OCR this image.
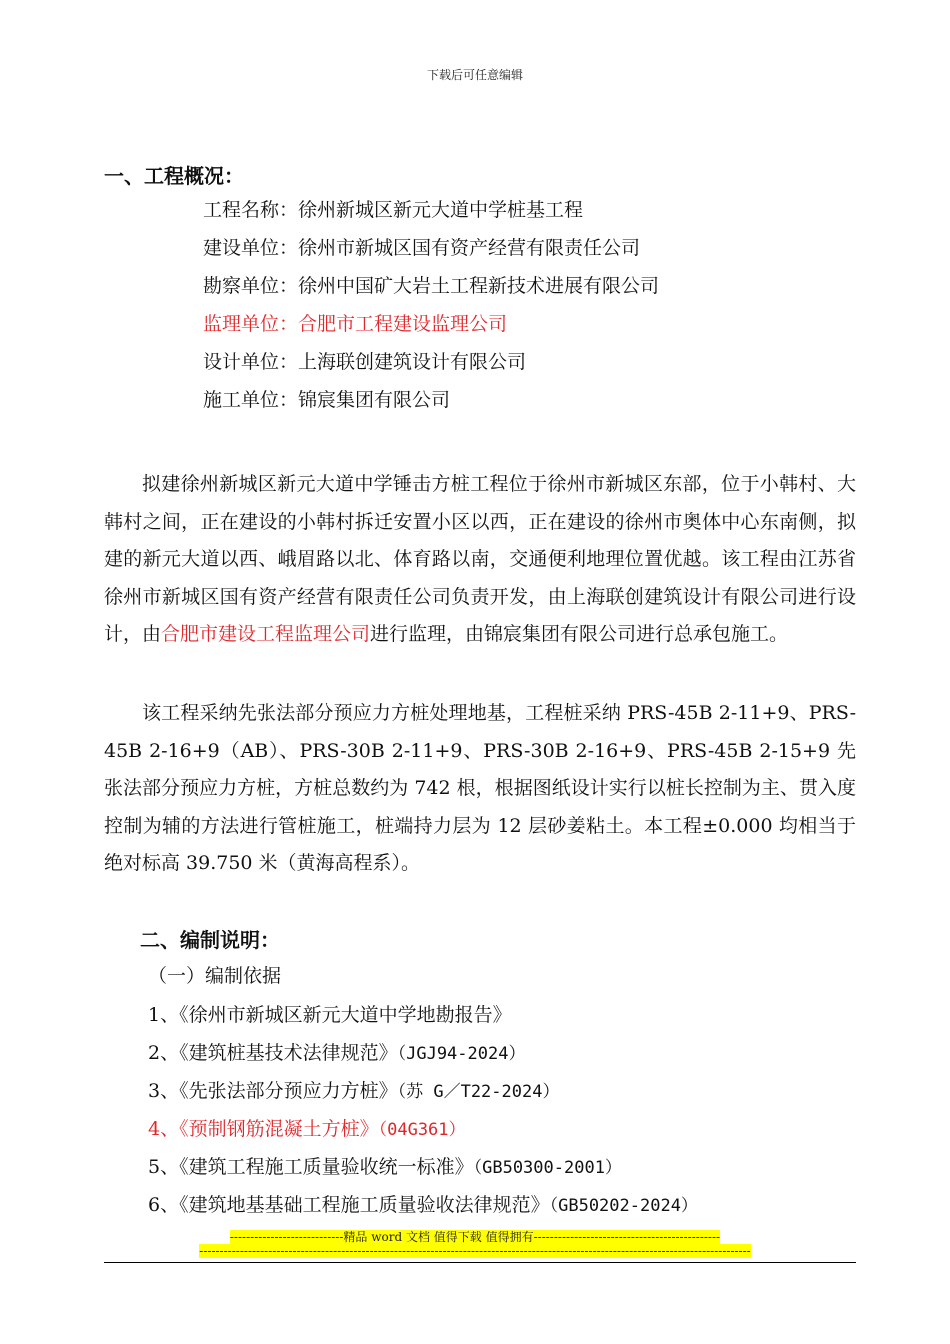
下载后可任意编辑
一、工程概况：
工程名称：徐州新城区新元大道中学桩基工程
建设单位：徐州市新城区国有资产经营有限责任公司
勘察单位：徐州中国矿大岩土工程新技术进展有限公司
监理单位：合肥市工程建设监理公司
设计单位：上海联创建筑设计有限公司
施工单位：锦宸集团有限公司
拟建徐州新城区新元大道中学锤击方桩工程位于徐州市新城区东部，位于小韩村、大韩村之间，正在建设的小韩村拆迁安置小区以西，正在建设的徐州市奥体中心东南侧，拟建的新元大道以西、峨眉路以北、体育路以南，交通便利地理位置优越。该工程由江苏省徐州市新城区国有资产经营有限责任公司负责开发，由上海联创建筑设计有限公司进行设计，由合肥市建设工程监理公司进行监理，由锦宸集团有限公司进行总承包施工。
该工程采纳先张法部分预应力方桩处理地基，工程桩采纳 PRS-45B 2-11+9、PRS-45B 2-16+9（AB）、PRS-30B 2-11+9、PRS-30B 2-16+9、PRS-45B 2-15+9 先张法部分预应力方桩，方桩总数约为 742 根，根据图纸设计实行以桩长控制为主、贯入度控制为辅的方法进行管桩施工，桩端持力层为 12 层砂姜粘土。本工程±0.000 均相当于绝对标高 39.750 米（黄海高程系）。
二、编制说明：
（一）编制依据
1、《徐州市新城区新元大道中学地勘报告》
2、《建筑桩基技术法律规范》（JGJ94-2024）
3、《先张法部分预应力方桩》（苏 G／T22-2024）
4、《预制钢筋混凝土方桩》（04G361）
5、《建筑工程施工质量验收统一标准》（GB50300-2001）
6、《建筑地基基础工程施工质量验收法律规范》（GB50202-2024）
----------------------------精品 word 文档 值得下载 值得拥有----------------------------------------------
----------------------------------------------------------------------------------------------------------------------------------------
